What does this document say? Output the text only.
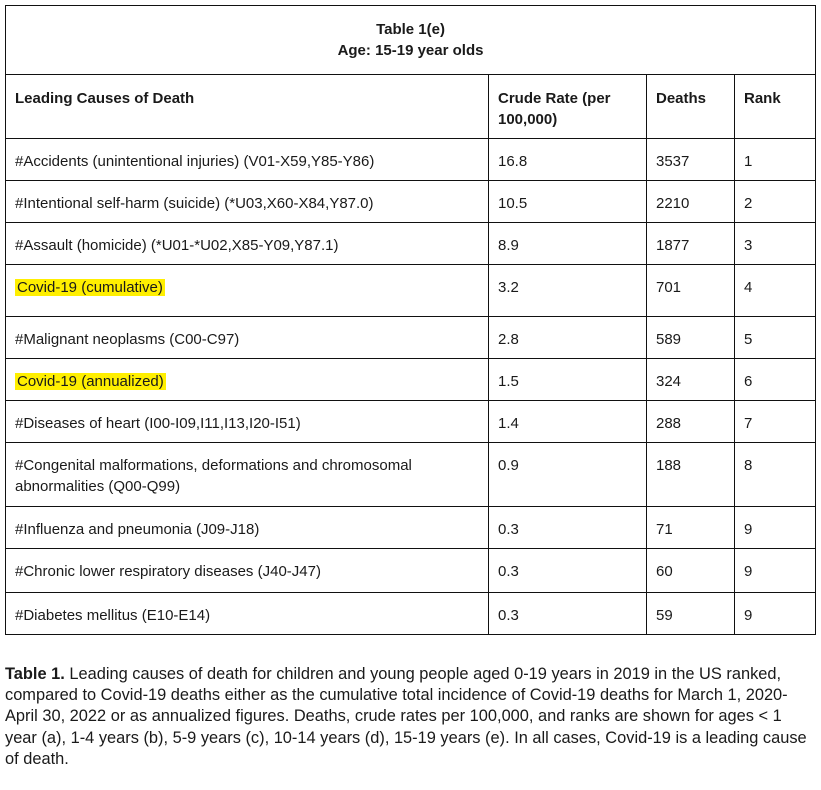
Table 1(e)
Age: 15-19 year olds			

Leading Causes of Death	Crude Rate (per 100,000)	Deaths	Rank
#Accidents (unintentional injuries) (V01-X59,Y85-Y86)	16.8	3537	1
#Intentional self-harm (suicide) (*U03,X60-X84,Y87.0)	10.5	2210	2
#Assault (homicide) (*U01-*U02,X85-Y09,Y87.1)	8.9	1877	3
Covid-19 (cumulative)	3.2	701	4
#Malignant neoplasms (C00-C97)	2.8	589	5
Covid-19 (annualized)	1.5	324	6
#Diseases of heart (I00-I09,I11,I13,I20-I51)	1.4	288	7
#Congenital malformations, deformations and chromosomal abnormalities (Q00-Q99)	0.9	188	8
#Influenza and pneumonia (J09-J18)	0.3	71	9
#Chronic lower respiratory diseases (J40-J47)	0.3	60	9
#Diabetes mellitus (E10-E14)	0.3	59	9
Table 1. Leading causes of death for children and young people aged 0-19 years in 2019 in the US ranked, compared to Covid-19 deaths either as the cumulative total incidence of Covid-19 deaths for March 1, 2020-April 30, 2022 or as annualized figures. Deaths, crude rates per 100,000, and ranks are shown for ages < 1 year (a), 1-4 years (b), 5-9 years (c), 10-14 years (d), 15-19 years (e). In all cases, Covid-19 is a leading cause of death.
